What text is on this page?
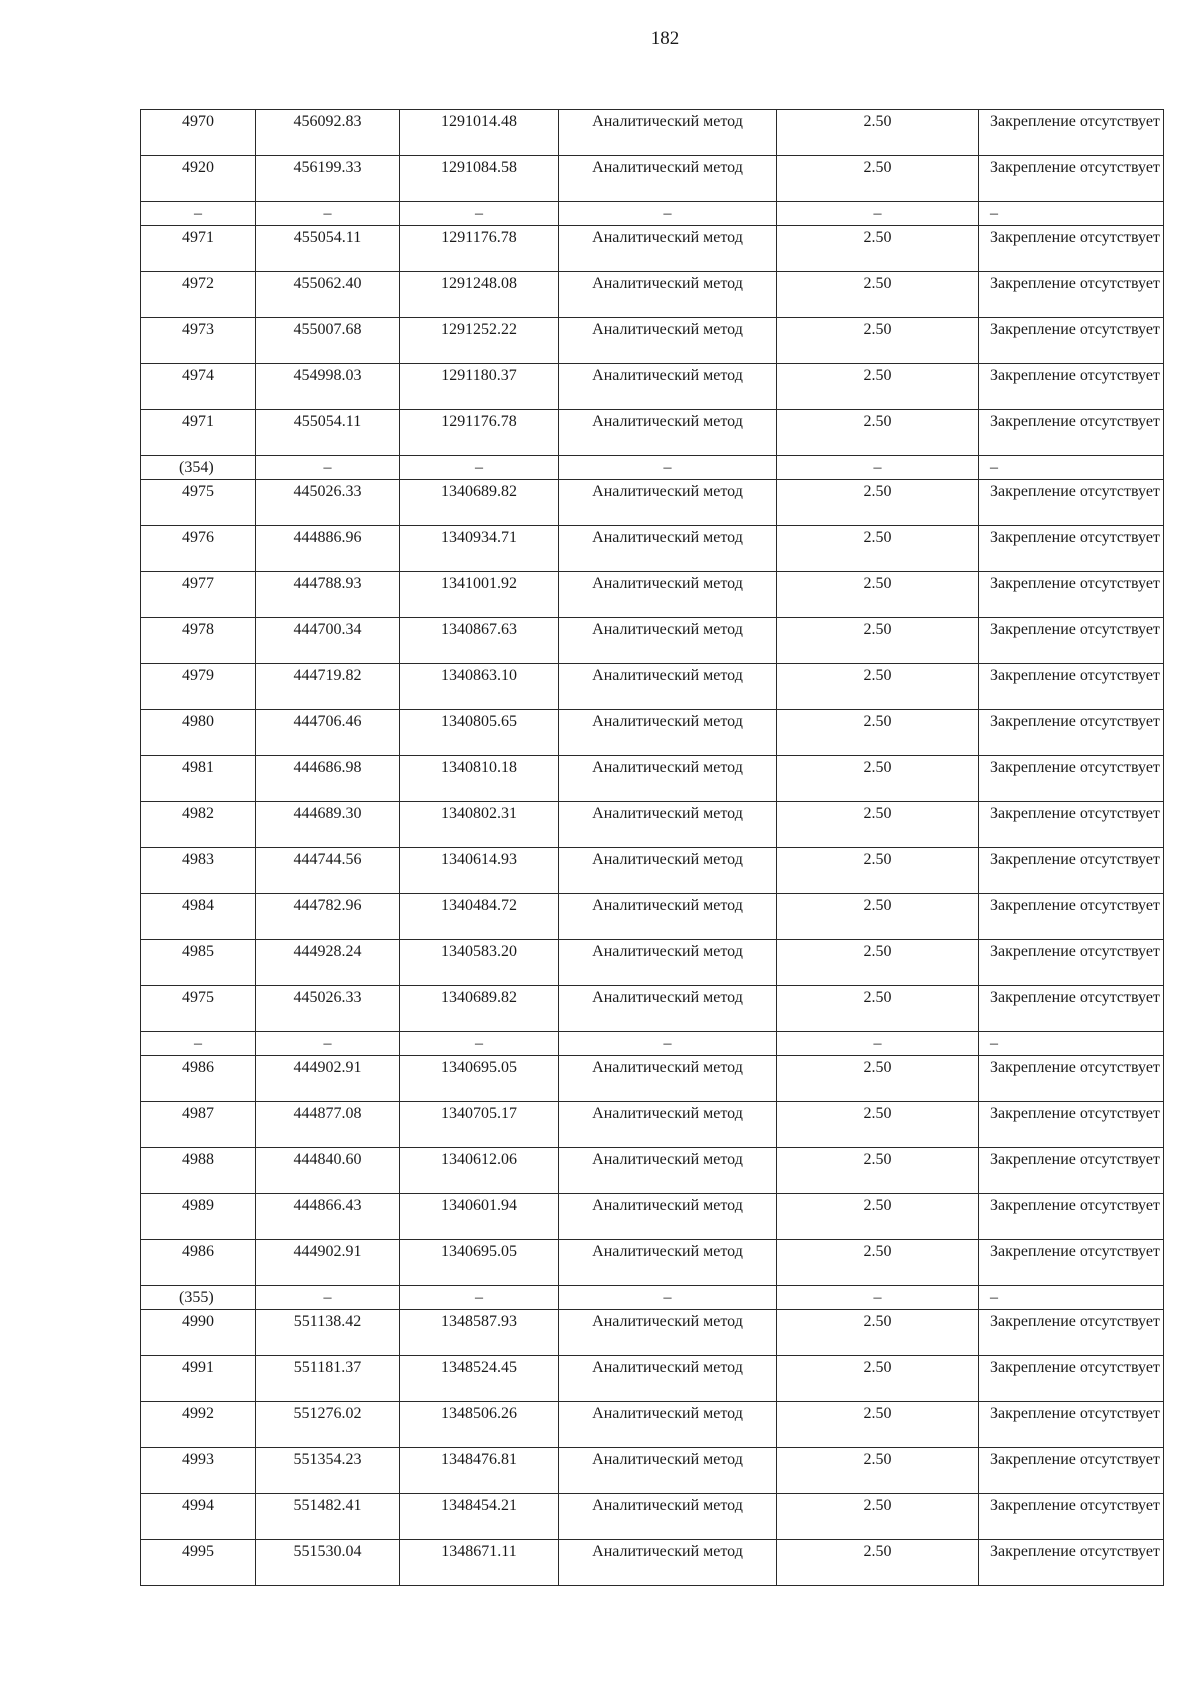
182
4970	456092.83	1291014.48	Аналитический метод	2.50	Закрепление отсутствует
4920	456199.33	1291084.58	Аналитический метод	2.50	Закрепление отсутствует
–	–	–	–	–	–
4971	455054.11	1291176.78	Аналитический метод	2.50	Закрепление отсутствует
4972	455062.40	1291248.08	Аналитический метод	2.50	Закрепление отсутствует
4973	455007.68	1291252.22	Аналитический метод	2.50	Закрепление отсутствует
4974	454998.03	1291180.37	Аналитический метод	2.50	Закрепление отсутствует
4971	455054.11	1291176.78	Аналитический метод	2.50	Закрепление отсутствует
(354)	–	–	–	–	–
4975	445026.33	1340689.82	Аналитический метод	2.50	Закрепление отсутствует
4976	444886.96	1340934.71	Аналитический метод	2.50	Закрепление отсутствует
4977	444788.93	1341001.92	Аналитический метод	2.50	Закрепление отсутствует
4978	444700.34	1340867.63	Аналитический метод	2.50	Закрепление отсутствует
4979	444719.82	1340863.10	Аналитический метод	2.50	Закрепление отсутствует
4980	444706.46	1340805.65	Аналитический метод	2.50	Закрепление отсутствует
4981	444686.98	1340810.18	Аналитический метод	2.50	Закрепление отсутствует
4982	444689.30	1340802.31	Аналитический метод	2.50	Закрепление отсутствует
4983	444744.56	1340614.93	Аналитический метод	2.50	Закрепление отсутствует
4984	444782.96	1340484.72	Аналитический метод	2.50	Закрепление отсутствует
4985	444928.24	1340583.20	Аналитический метод	2.50	Закрепление отсутствует
4975	445026.33	1340689.82	Аналитический метод	2.50	Закрепление отсутствует
–	–	–	–	–	–
4986	444902.91	1340695.05	Аналитический метод	2.50	Закрепление отсутствует
4987	444877.08	1340705.17	Аналитический метод	2.50	Закрепление отсутствует
4988	444840.60	1340612.06	Аналитический метод	2.50	Закрепление отсутствует
4989	444866.43	1340601.94	Аналитический метод	2.50	Закрепление отсутствует
4986	444902.91	1340695.05	Аналитический метод	2.50	Закрепление отсутствует
(355)	–	–	–	–	–
4990	551138.42	1348587.93	Аналитический метод	2.50	Закрепление отсутствует
4991	551181.37	1348524.45	Аналитический метод	2.50	Закрепление отсутствует
4992	551276.02	1348506.26	Аналитический метод	2.50	Закрепление отсутствует
4993	551354.23	1348476.81	Аналитический метод	2.50	Закрепление отсутствует
4994	551482.41	1348454.21	Аналитический метод	2.50	Закрепление отсутствует
4995	551530.04	1348671.11	Аналитический метод	2.50	Закрепление отсутствует
